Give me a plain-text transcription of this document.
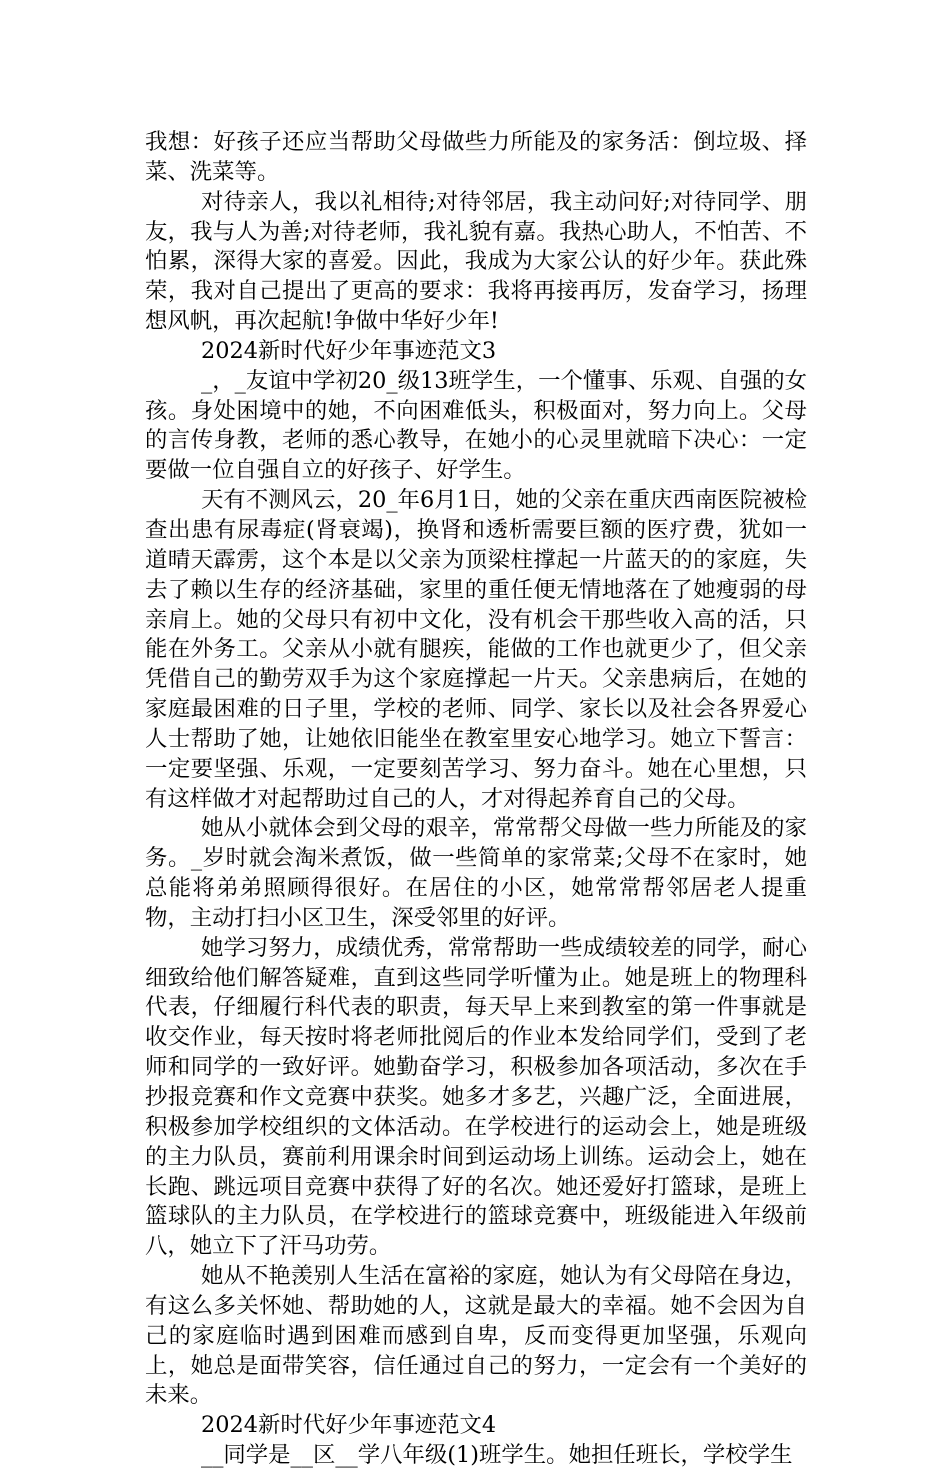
我想：好孩子还应当帮助父母做些力所能及的家务活：倒垃圾、择菜、洗菜等。

对待亲人，我以礼相待;对待邻居，我主动问好;对待同学、朋友，我与人为善;对待老师，我礼貌有嘉。我热心助人，不怕苦、不怕累，深得大家的喜爱。因此，我成为大家公认的好少年。获此殊荣，我对自己提出了更高的要求：我将再接再厉，发奋学习，扬理想风帆，再次起航!争做中华好少年!

2024新时代好少年事迹范文3

_，_友谊中学初20_级13班学生，一个懂事、乐观、自强的女孩。身处困境中的她，不向困难低头，积极面对，努力向上。父母的言传身教，老师的悉心教导，在她小的心灵里就暗下决心：一定要做一位自强自立的好孩子、好学生。

天有不测风云，20_年6月1日，她的父亲在重庆西南医院被检查出患有尿毒症(肾衰竭)，换肾和透析需要巨额的医疗费，犹如一道晴天霹雳，这个本是以父亲为顶梁柱撑起一片蓝天的的家庭，失去了赖以生存的经济基础，家里的重任便无情地落在了她瘦弱的母亲肩上。她的父母只有初中文化，没有机会干那些收入高的活，只能在外务工。父亲从小就有腿疾，能做的工作也就更少了，但父亲凭借自己的勤劳双手为这个家庭撑起一片天。父亲患病后，在她的家庭最困难的日子里，学校的老师、同学、家长以及社会各界爱心人士帮助了她，让她依旧能坐在教室里安心地学习。她立下誓言：一定要坚强、乐观，一定要刻苦学习、努力奋斗。她在心里想，只有这样做才对起帮助过自己的人，才对得起养育自己的父母。

她从小就体会到父母的艰辛，常常帮父母做一些力所能及的家务。_岁时就会淘米煮饭，做一些简单的家常菜;父母不在家时，她总能将弟弟照顾得很好。在居住的小区，她常常帮邻居老人提重物，主动打扫小区卫生，深受邻里的好评。

她学习努力，成绩优秀，常常帮助一些成绩较差的同学，耐心细致给他们解答疑难，直到这些同学听懂为止。她是班上的物理科代表，仔细履行科代表的职责，每天早上来到教室的第一件事就是收交作业，每天按时将老师批阅后的作业本发给同学们，受到了老师和同学的一致好评。她勤奋学习，积极参加各项活动，多次在手抄报竞赛和作文竞赛中获奖。她多才多艺，兴趣广泛，全面进展，积极参加学校组织的文体活动。在学校进行的运动会上，她是班级的主力队员，赛前利用课余时间到运动场上训练。运动会上，她在长跑、跳远项目竞赛中获得了好的名次。她还爱好打篮球，是班上篮球队的主力队员，在学校进行的篮球竞赛中，班级能进入年级前八，她立下了汗马功劳。

她从不艳羡别人生活在富裕的家庭，她认为有父母陪在身边，有这么多关怀她、帮助她的人，这就是最大的幸福。她不会因为自己的家庭临时遇到困难而感到自卑，反而变得更加坚强，乐观向上，她总是面带笑容，信任通过自己的努力，一定会有一个美好的未来。

2024新时代好少年事迹范文4

__同学是__区__学八年级(1)班学生。她担任班长，学校学生
